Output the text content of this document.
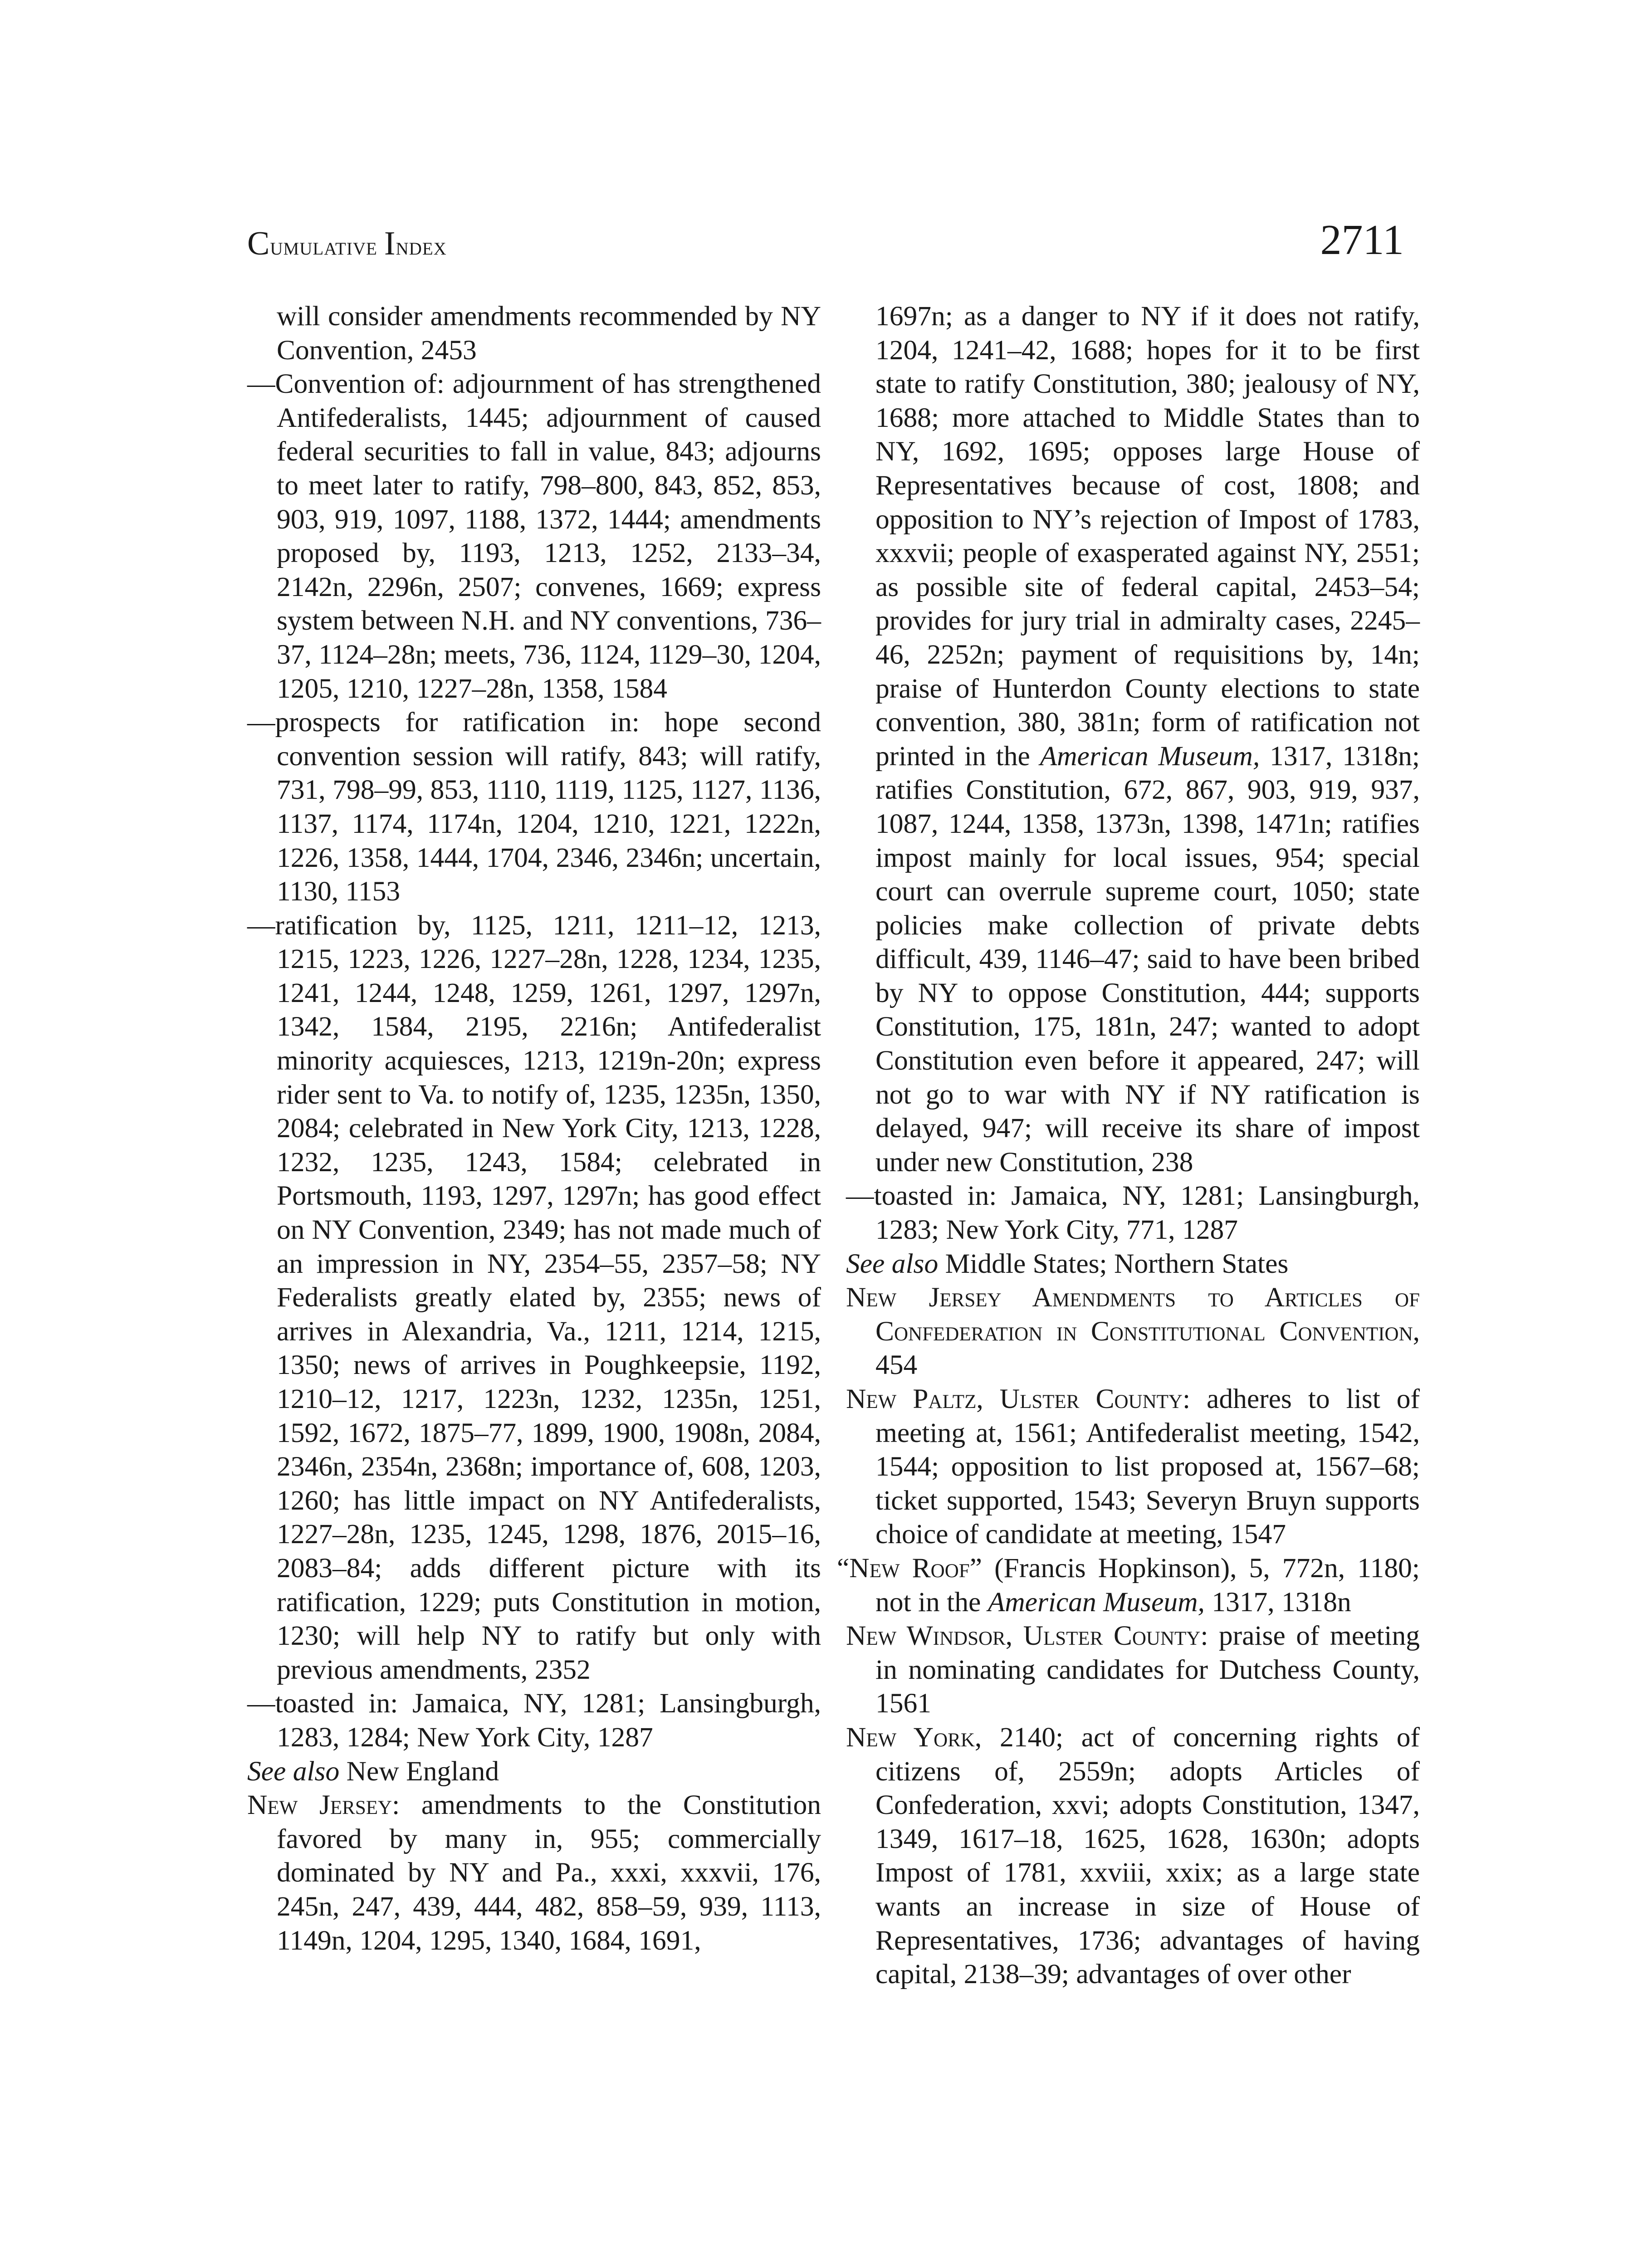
Cumulative Index	2711
will consider amendments recommended by NY Convention, 2453
—Convention of: adjournment of has strengthened Antifederalists, 1445; adjournment of caused federal securities to fall in value, 843; adjourns to meet later to ratify, 798–800, 843, 852, 853, 903, 919, 1097, 1188, 1372, 1444; amendments proposed by, 1193, 1213, 1252, 2133–34, 2142n, 2296n, 2507; convenes, 1669; express system between N.H. and NY conventions, 736–37, 1124–28n; meets, 736, 1124, 1129–30, 1204, 1205, 1210, 1227–28n, 1358, 1584
—prospects for ratification in: hope second convention session will ratify, 843; will ratify, 731, 798–99, 853, 1110, 1119, 1125, 1127, 1136, 1137, 1174, 1174n, 1204, 1210, 1221, 1222n, 1226, 1358, 1444, 1704, 2346, 2346n; uncertain, 1130, 1153
—ratification by, 1125, 1211, 1211–12, 1213, 1215, 1223, 1226, 1227–28n, 1228, 1234, 1235, 1241, 1244, 1248, 1259, 1261, 1297, 1297n, 1342, 1584, 2195, 2216n; Antifederalist minority acquiesces, 1213, 1219n-20n; express rider sent to Va. to notify of, 1235, 1235n, 1350, 2084; celebrated in New York City, 1213, 1228, 1232, 1235, 1243, 1584; celebrated in Portsmouth, 1193, 1297, 1297n; has good effect on NY Convention, 2349; has not made much of an impression in NY, 2354–55, 2357–58; NY Federalists greatly elated by, 2355; news of arrives in Alexandria, Va., 1211, 1214, 1215, 1350; news of arrives in Poughkeepsie, 1192, 1210–12, 1217, 1223n, 1232, 1235n, 1251, 1592, 1672, 1875–77, 1899, 1900, 1908n, 2084, 2346n, 2354n, 2368n; importance of, 608, 1203, 1260; has little impact on NY Antifederalists, 1227–28n, 1235, 1245, 1298, 1876, 2015–16, 2083–84; adds different picture with its ratification, 1229; puts Constitution in motion, 1230; will help NY to ratify but only with previous amendments, 2352
—toasted in: Jamaica, NY, 1281; Lansingburgh, 1283, 1284; New York City, 1287
See also New England
New Jersey: amendments to the Constitution favored by many in, 955; commercially dominated by NY and Pa., xxxi, xxxvii, 176, 245n, 247, 439, 444, 482, 858–59, 939, 1113, 1149n, 1204, 1295, 1340, 1684, 1691,
1697n; as a danger to NY if it does not ratify, 1204, 1241–42, 1688; hopes for it to be first state to ratify Constitution, 380; jealousy of NY, 1688; more attached to Middle States than to NY, 1692, 1695; opposes large House of Representatives because of cost, 1808; and opposition to NY’s rejection of Impost of 1783, xxxvii; people of exasperated against NY, 2551; as possible site of federal capital, 2453–54; provides for jury trial in admiralty cases, 2245–46, 2252n; payment of requisitions by, 14n; praise of Hunterdon County elections to state convention, 380, 381n; form of ratification not printed in the American Museum, 1317, 1318n; ratifies Constitution, 672, 867, 903, 919, 937, 1087, 1244, 1358, 1373n, 1398, 1471n; ratifies impost mainly for local issues, 954; special court can overrule supreme court, 1050; state policies make collection of private debts difficult, 439, 1146–47; said to have been bribed by NY to oppose Constitution, 444; supports Constitution, 175, 181n, 247; wanted to adopt Constitution even before it appeared, 247; will not go to war with NY if NY ratification is delayed, 947; will receive its share of impost under new Constitution, 238
—toasted in: Jamaica, NY, 1281; Lansingburgh, 1283; New York City, 771, 1287
See also Middle States; Northern States
New Jersey Amendments to Articles of Confederation in Constitutional Convention, 454
New Paltz, Ulster County: adheres to list of meeting at, 1561; Antifederalist meeting, 1542, 1544; opposition to list proposed at, 1567–68; ticket supported, 1543; Severyn Bruyn supports choice of candidate at meeting, 1547
“New Roof” (Francis Hopkinson), 5, 772n, 1180; not in the American Museum, 1317, 1318n
New Windsor, Ulster County: praise of meeting in nominating candidates for Dutchess County, 1561
New York, 2140; act of concerning rights of citizens of, 2559n; adopts Articles of Confederation, xxvi; adopts Constitution, 1347, 1349, 1617–18, 1625, 1628, 1630n; adopts Impost of 1781, xxviii, xxix; as a large state wants an increase in size of House of Representatives, 1736; advantages of having capital, 2138–39; advantages of over other
